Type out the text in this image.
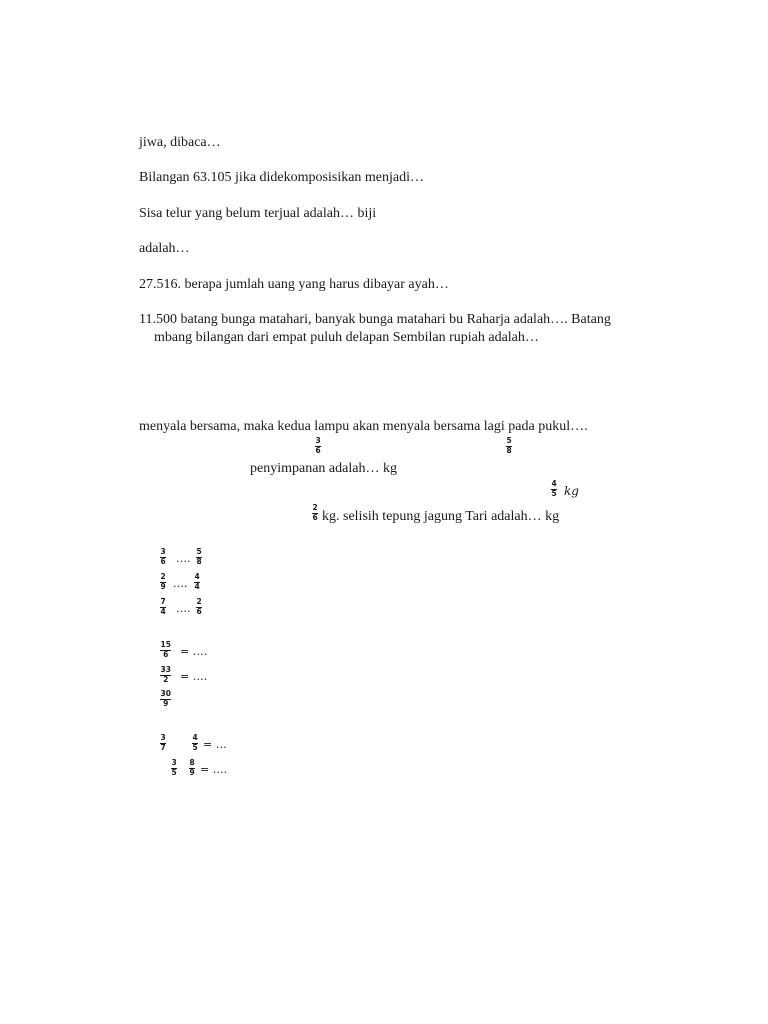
jiwa, dibaca…
Bilangan 63.105 jika didekomposisikan menjadi…
Sisa telur yang belum terjual adalah… biji
adalah…
27.516. berapa jumlah uang yang harus dibayar ayah…
11.500 batang bunga matahari, banyak bunga matahari bu Raharja adalah…. Batang
mbang bilangan dari empat puluh delapan Sembilan rupiah adalah…
menyala bersama, maka kedua lampu akan menyala bersama lagi pada pukul….
penyimpanan adalah… kg
kg. selisih tepung jagung Tari adalah… kg
3
6
5
8
4
5 kg
2
6
3
6 ….
5
8
2
9 ….
4
4
7
4 ….
2
6
15
6 = ….
33
2 = ….
30
9
3
7
4
5 = …
3
5
8
9 = ….
